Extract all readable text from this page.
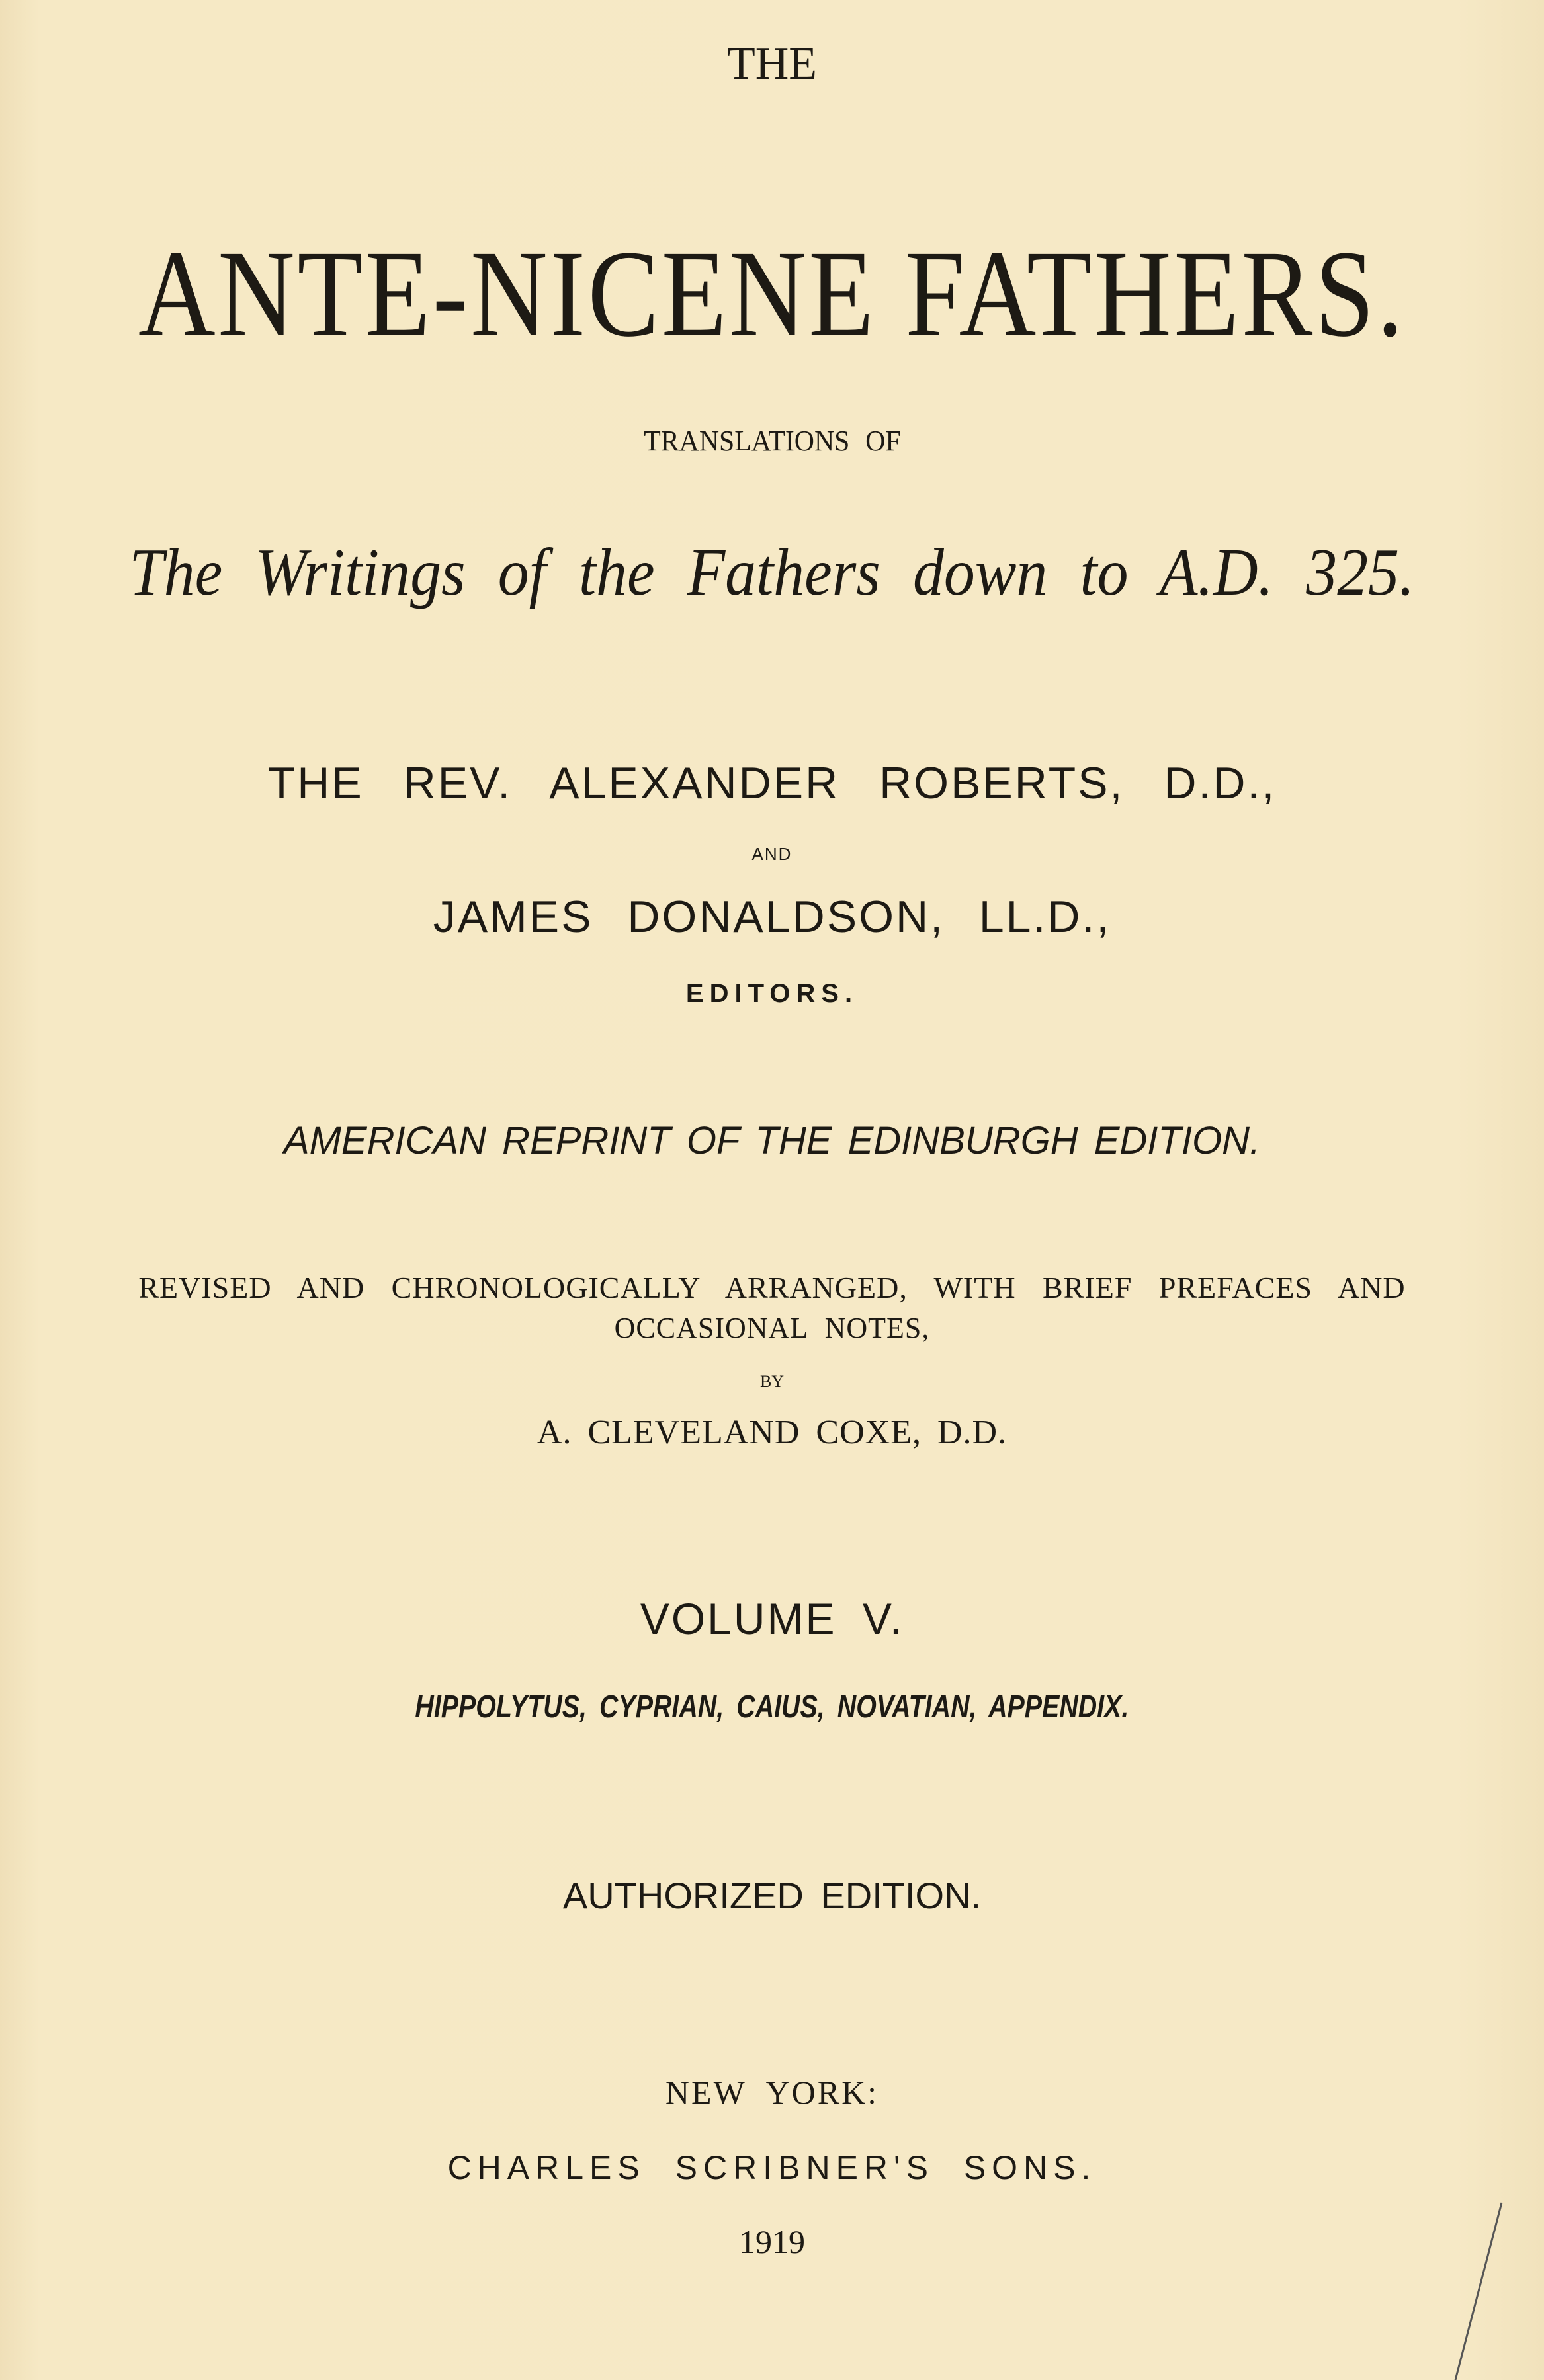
THE
ANTE-NICENE FATHERS.
TRANSLATIONS OF
The Writings of the Fathers down to A.D. 325.
THE REV. ALEXANDER ROBERTS, D.D.,
AND
JAMES DONALDSON, LL.D.,
EDITORS.
AMERICAN REPRINT OF THE EDINBURGH EDITION.
REVISED AND CHRONOLOGICALLY ARRANGED, WITH BRIEF PREFACES AND
OCCASIONAL NOTES,
BY
A. CLEVELAND COXE, D.D.
VOLUME V.
HIPPOLYTUS, CYPRIAN, CAIUS, NOVATIAN, APPENDIX.
AUTHORIZED EDITION.
NEW YORK:
CHARLES SCRIBNER'S SONS.
1919
